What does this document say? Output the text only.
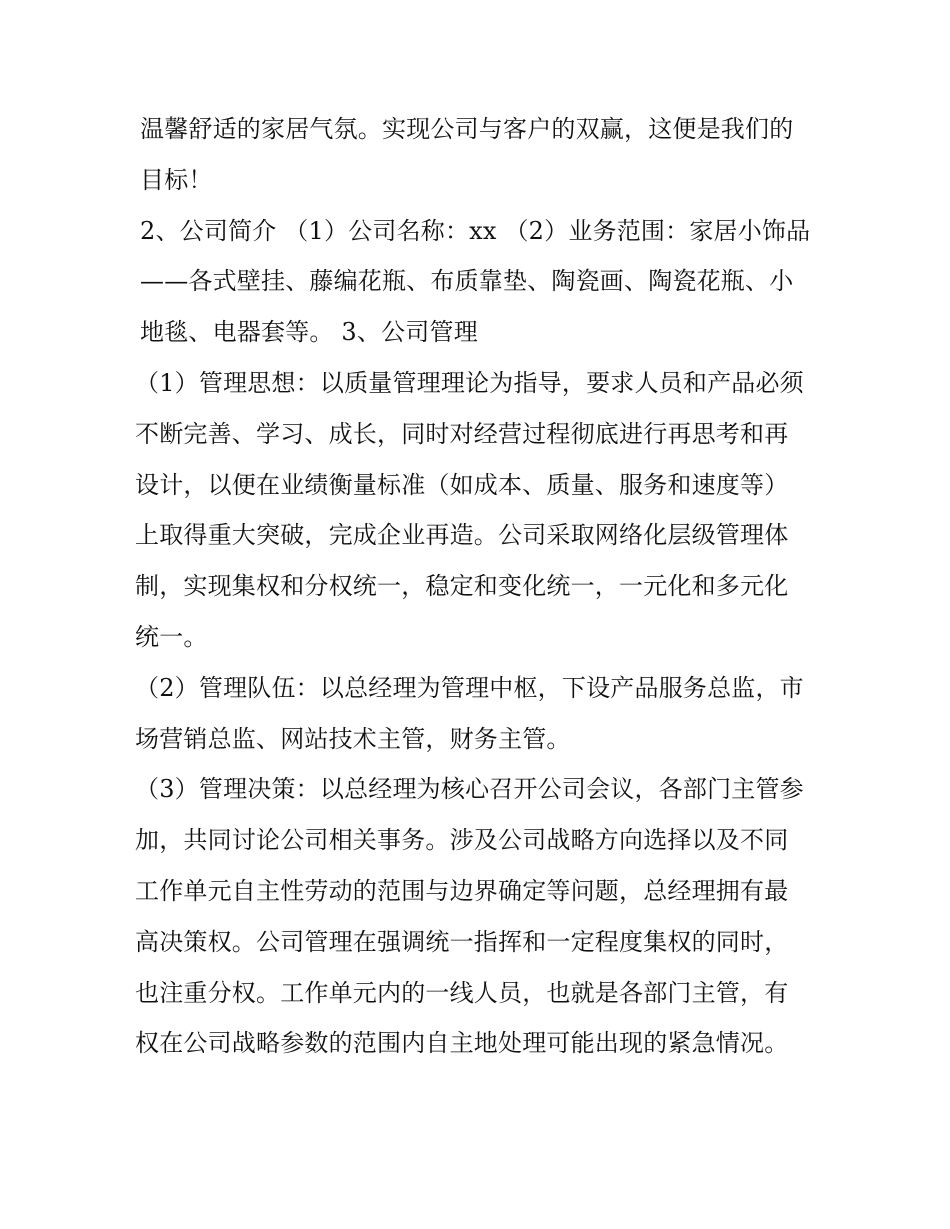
温馨舒适的家居气氛。实现公司与客户的双赢，这便是我们的目标！

2、公司简介 （1）公司名称：xx （2）业务范围：家居小饰品——各式壁挂、藤编花瓶、布质靠垫、陶瓷画、陶瓷花瓶、小地毯、电器套等。 3、公司管理

（1）管理思想：以质量管理理论为指导，要求人员和产品必须不断完善、学习、成长，同时对经营过程彻底进行再思考和再设计，以便在业绩衡量标准（如成本、质量、服务和速度等）上取得重大突破，完成企业再造。公司采取网络化层级管理体制，实现集权和分权统一，稳定和变化统一，一元化和多元化统一。

（2）管理队伍：以总经理为管理中枢，下设产品服务总监，市场营销总监、网站技术主管，财务主管。

（3）管理决策：以总经理为核心召开公司会议，各部门主管参加，共同讨论公司相关事务。涉及公司战略方向选择以及不同工作单元自主性劳动的范围与边界确定等问题，总经理拥有最高决策权。公司管理在强调统一指挥和一定程度集权的同时，也注重分权。工作单元内的一线人员，也就是各部门主管，有权在公司战略参数的范围内自主地处理可能出现的紧急情况。
